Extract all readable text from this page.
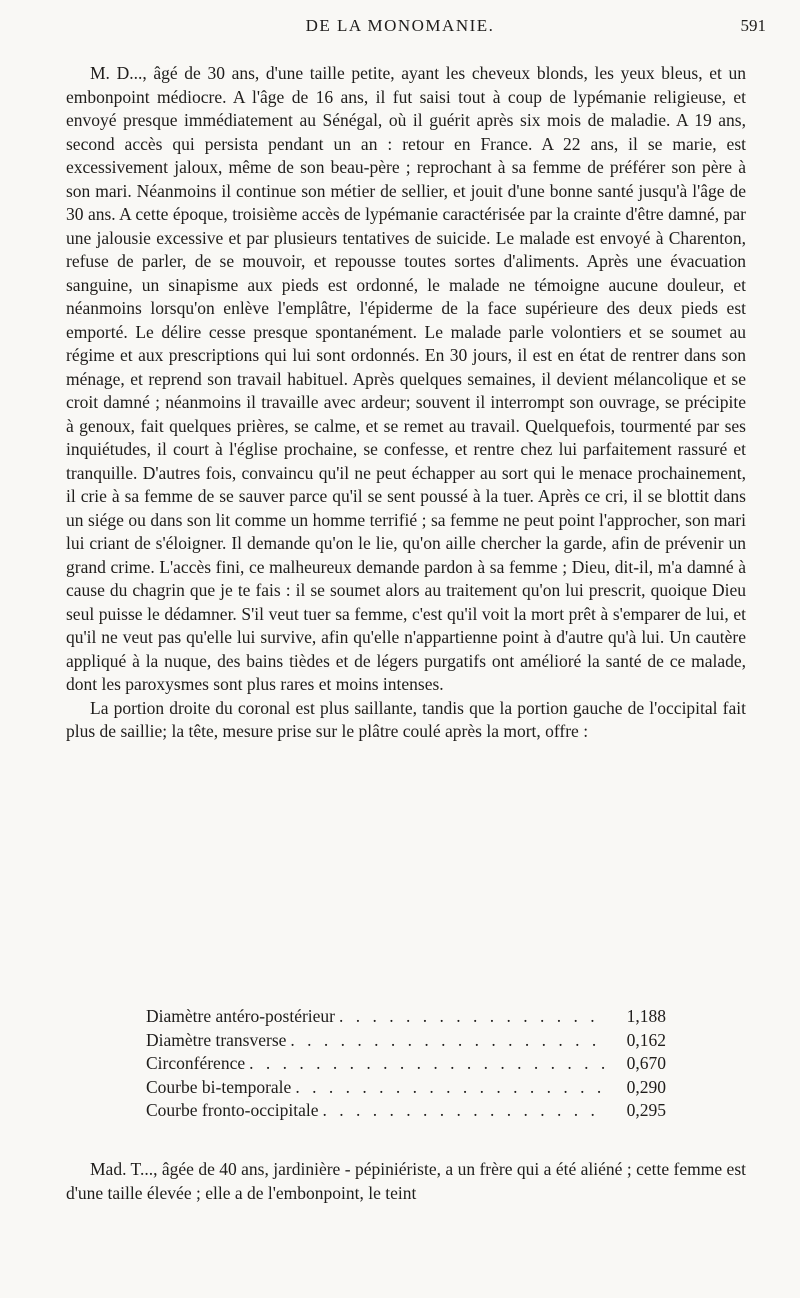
DE LA MONOMANIE.	591

M. D..., âgé de 30 ans, d'une taille petite, ayant les cheveux blonds, les yeux bleus, et un embonpoint médiocre. A l'âge de 16 ans, il fut saisi tout à coup de lypémanie religieuse, et envoyé presque immédiatement au Sénégal, où il guérit après six mois de maladie. A 19 ans, second accès qui persista pendant un an : retour en France. A 22 ans, il se marie, est excessivement jaloux, même de son beau-père ; reprochant à sa femme de préférer son père à son mari. Néanmoins il continue son métier de sellier, et jouit d'une bonne santé jusqu'à l'âge de 30 ans. A cette époque, troisième accès de lypémanie caractérisée par la crainte d'être damné, par une jalousie excessive et par plusieurs tentatives de suicide. Le malade est envoyé à Charenton, refuse de parler, de se mouvoir, et repousse toutes sortes d'aliments. Après une évacuation sanguine, un sinapisme aux pieds est ordonné, le malade ne témoigne aucune douleur, et néanmoins lorsqu'on enlève l'emplâtre, l'épiderme de la face supérieure des deux pieds est emporté. Le délire cesse presque spontanément. Le malade parle volontiers et se soumet au régime et aux prescriptions qui lui sont ordonnés. En 30 jours, il est en état de rentrer dans son ménage, et reprend son travail habituel. Après quelques semaines, il devient mélancolique et se croit damné ; néanmoins il travaille avec ardeur; souvent il interrompt son ouvrage, se précipite à genoux, fait quelques prières, se calme, et se remet au travail. Quelquefois, tourmenté par ses inquiétudes, il court à l'église prochaine, se confesse, et rentre chez lui parfaitement rassuré et tranquille. D'autres fois, convaincu qu'il ne peut échapper au sort qui le menace prochainement, il crie à sa femme de se sauver parce qu'il se sent poussé à la tuer. Après ce cri, il se blottit dans un siége ou dans son lit comme un homme terrifié ; sa femme ne peut point l'approcher, son mari lui criant de s'éloigner. Il demande qu'on le lie, qu'on aille chercher la garde, afin de prévenir un grand crime. L'accès fini, ce malheureux demande pardon à sa femme ; Dieu, dit-il, m'a damné à cause du chagrin que je te fais : il se soumet alors au traitement qu'on lui prescrit, quoique Dieu seul puisse le dédamner. S'il veut tuer sa femme, c'est qu'il voit la mort prêt à s'emparer de lui, et qu'il ne veut pas qu'elle lui survive, afin qu'elle n'appartienne point à d'autre qu'à lui. Un cautère appliqué à la nuque, des bains tièdes et de légers purgatifs ont amélioré la santé de ce malade, dont les paroxysmes sont plus rares et moins intenses.

La portion droite du coronal est plus saillante, tandis que la portion gauche de l'occipital fait plus de saillie; la tête, mesure prise sur le plâtre coulé après la mort, offre :

Diamètre antéro-postérieur . . .	1,188
Diamètre transverse . . .	0,162
Circonférence . . .	0,670
Courbe bi-temporale . . .	0,290
Courbe fronto-occipitale . . .	0,295

Mad. T..., âgée de 40 ans, jardinière - pépiniériste, a un frère qui a été aliéné ; cette femme est d'une taille élevée ; elle a de l'embonpoint, le teint
